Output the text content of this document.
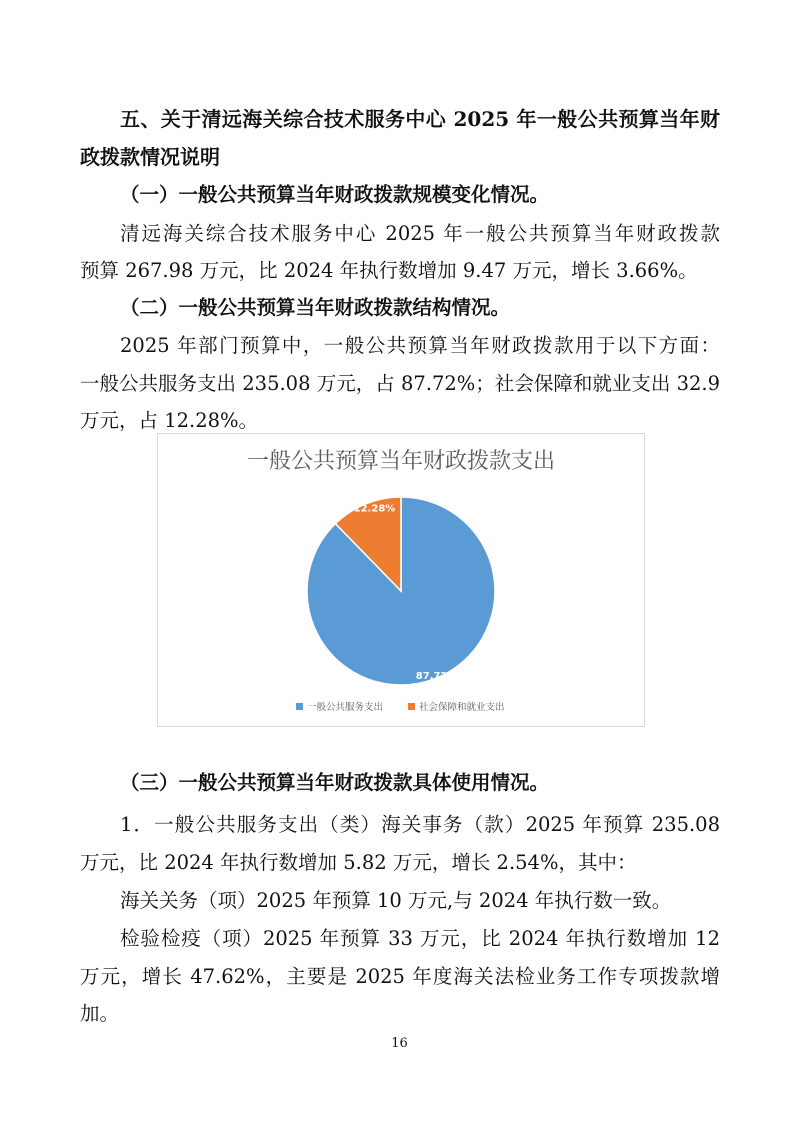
五、关于清远海关综合技术服务中心 2025 年一般公共预算当年财
政拨款情况说明
（一）一般公共预算当年财政拨款规模变化情况。
清远海关综合技术服务中心 2025 年一般公共预算当年财政拨款
预算 267.98 万元，比 2024 年执行数增加 9.47 万元，增长 3.66%。
（二）一般公共预算当年财政拨款结构情况。
2025 年部门预算中，一般公共预算当年财政拨款用于以下方面：
一般公共服务支出 235.08 万元，占 87.72%；社会保障和就业支出 32.9
万元，占 12.28%。
一般公共预算当年财政拨款支出
87.72%
12.28%
一般公共服务支出	社会保障和就业支出
（三）一般公共预算当年财政拨款具体使用情况。
1．一般公共服务支出（类）海关事务（款）2025 年预算 235.08
万元，比 2024 年执行数增加 5.82 万元，增长 2.54%，其中：
海关关务（项）2025 年预算 10 万元,与 2024 年执行数一致。
检验检疫（项）2025 年预算 33 万元，比 2024 年执行数增加 12
万元，增长 47.62%，主要是 2025 年度海关法检业务工作专项拨款增
加。
16
